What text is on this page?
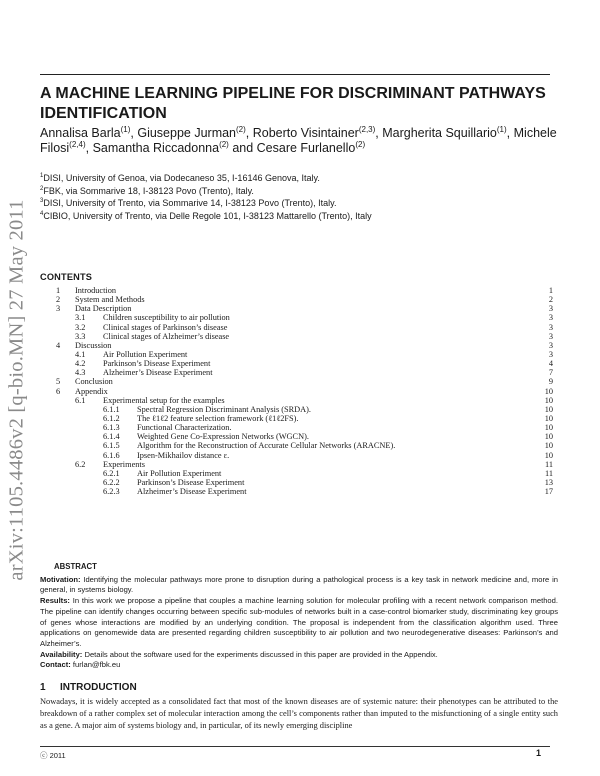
arXiv:1105.4486v2 [q-bio.MN] 27 May 2011
A MACHINE LEARNING PIPELINE FOR DISCRIMINANT PATHWAYS IDENTIFICATION
Annalisa Barla$^{(1)}$, Giuseppe Jurman$^{(2)}$, Roberto Visintainer$^{(2,3)}$, Margherita Squillario$^{(1)}$, Michele Filosi$^{(2,4)}$, Samantha Riccadonna$^{(2)}$ and Cesare Furlanello$^{(2)}$
$^1$DISI, University of Genoa, via Dodecaneso 35, I-16146 Genova, Italy.
$^2$FBK, via Sommarive 18, I-38123 Povo (Trento), Italy.
$^3$DISI, University of Trento, via Sommarive 14, I-38123 Povo (Trento), Italy.
$^4$CIBIO, University of Trento, via Delle Regole 101, I-38123 Mattarello (Trento), Italy
CONTENTS
1 Introduction	1
2 System and Methods	2
3 Data Description	3
3.1 Children susceptibility to air pollution	3
3.2 Clinical stages of Parkinson’s disease	3
3.3 Clinical stages of Alzheimer’s disease	3
4 Discussion	3
4.1 Air Pollution Experiment	3
4.2 Parkinson’s Disease Experiment	4
4.3 Alzheimer’s Disease Experiment	7
5 Conclusion	9
6 Appendix	10
6.1 Experimental setup for the examples	10
6.1.1 Spectral Regression Discriminant Analysis (SRDA).	10
6.1.2 The ℓ1ℓ2 feature selection framework (ℓ1ℓ2FS).	10
6.1.3 Functional Characterization.	10
6.1.4 Weighted Gene Co-Expression Networks (WGCN).	10
6.1.5 Algorithm for the Reconstruction of Accurate Cellular Networks (ARACNE).	10
6.1.6 Ipsen-Mikhailov distance ε.	10
6.2 Experiments	11
6.2.1 Air Pollution Experiment	11
6.2.2 Parkinson’s Disease Experiment	13
6.2.3 Alzheimer’s Disease Experiment	17
ABSTRACT

Motivation: Identifying the molecular pathways more prone to disruption during a pathological process is a key task in network medicine and, more in general, in systems biology.

Results: In this work we propose a pipeline that couples a machine learning solution for molecular profiling with a recent network comparison method. The pipeline can identify changes occurring between specific sub-modules of networks built in a case-control biomarker study, discriminating key groups of genes whose interactions are modified by an underlying condition. The proposal is independent from the classification algorithm used. Three applications on genomewide data are presented regarding children susceptibility to air pollution and two neurodegenerative diseases: Parkinson’s and Alzheimer’s.

Availability: Details about the software used for the experiments discussed in this paper are provided in the Appendix.

Contact: furlan@fbk.eu

1 INTRODUCTION

Nowadays, it is widely accepted as a consolidated fact that most of the known diseases are of systemic nature: their phenotypes can be attributed to the breakdown of a rather complex set of molecular interaction among the cell’s components rather than imputed to the misfunctioning of a single entity such as a gene. A major aim of systems biology and, in particular, of its newly emerging discipline

ⓒ 2011	1
